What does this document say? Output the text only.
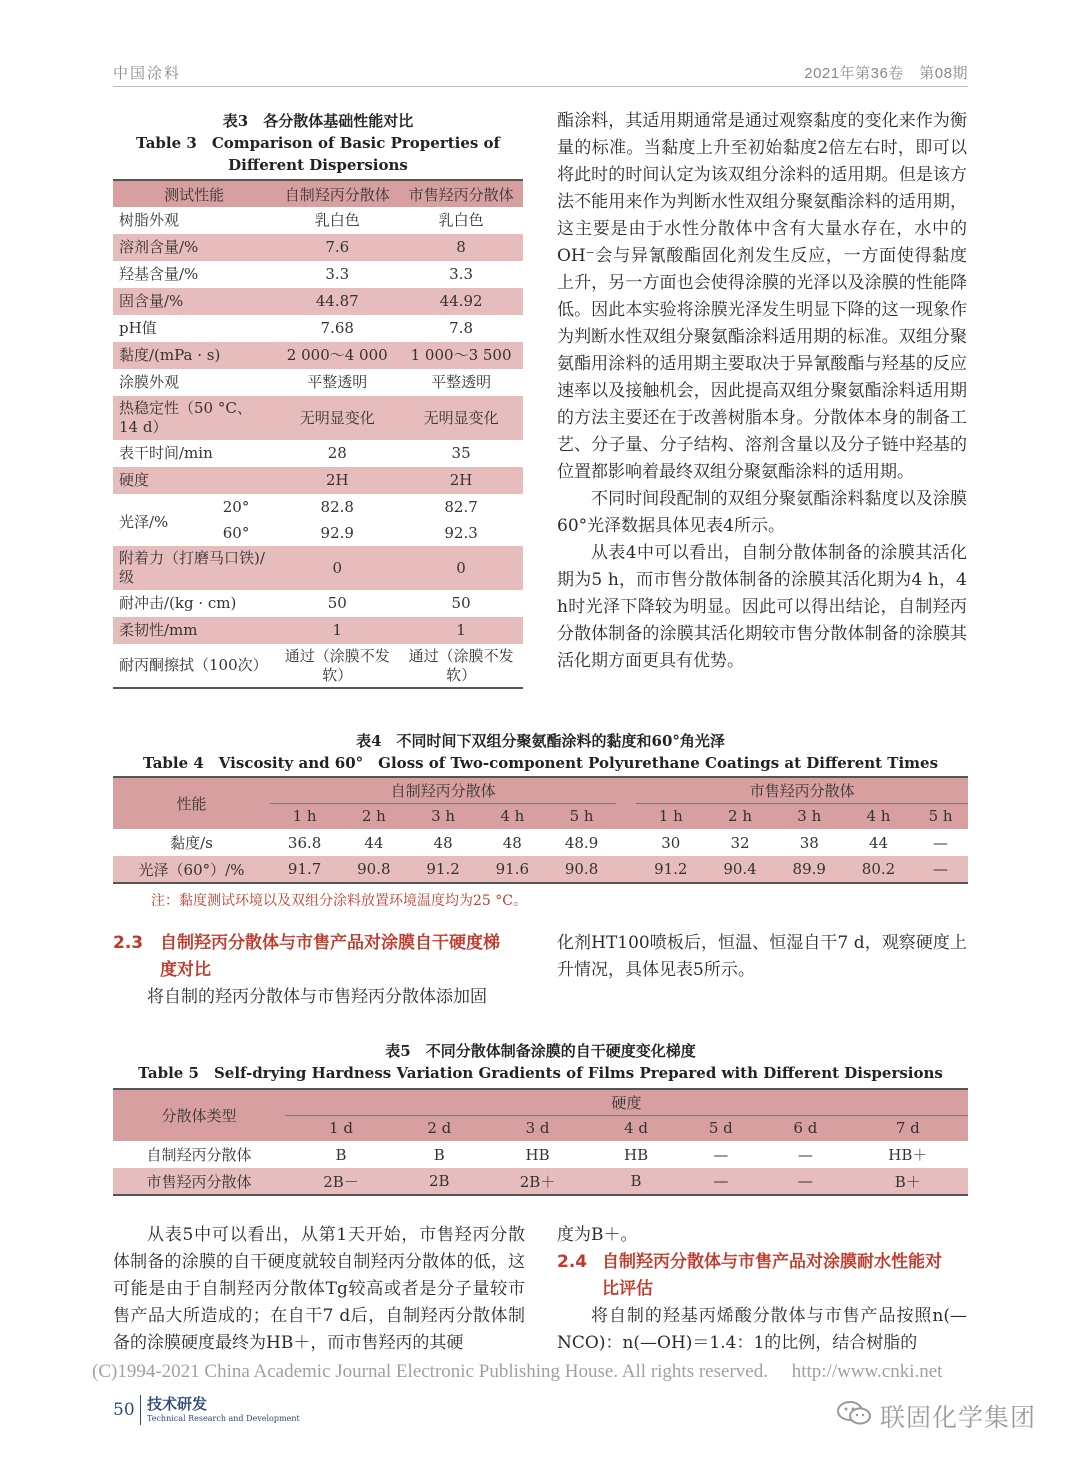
中国涂料	2021年第36卷　第08期
表3　各分散体基础性能对比
Table 3　Comparison of Basic Properties of Different Dispersions
测试性能	自制羟丙分散体	市售羟丙分散体
树脂外观	乳白色	乳白色
溶剂含量/%	7.6	8
羟基含量/%	3.3	3.3
固含量/%	44.87	44.92
pH值	7.68	7.8
黏度/(mPa · s)	2 000～4 000	1 000～3 500
涂膜外观	平整透明	平整透明
热稳定性（50 °C、14 d）	无明显变化	无明显变化
表干时间/min	28	35
硬度	2H	2H

光泽/%
20°	82.8	82.7

60°	92.9	92.3
附着力（打磨马口铁)/级	0	0
耐冲击/(kg · cm)	50	50
柔韧性/mm	1	1
耐丙酮擦拭（100次）	通过（涂膜不发软）	通过（涂膜不发软）
酯涂料，其适用期通常是通过观察黏度的变化来作为衡量的标准。当黏度上升至初始黏度2倍左右时，即可以将此时的时间认定为该双组分涂料的适用期。但是该方法不能用来作为判断水性双组分聚氨酯涂料的适用期，这主要是由于水性分散体中含有大量水存在，水中的OH⁻会与异氰酸酯固化剂发生反应，一方面使得黏度上升，另一方面也会使得涂膜的光泽以及涂膜的性能降低。因此本实验将涂膜光泽发生明显下降的这一现象作为判断水性双组分聚氨酯涂料适用期的标准。双组分聚氨酯用涂料的适用期主要取决于异氰酸酯与羟基的反应速率以及接触机会，因此提高双组分聚氨酯涂料适用期的方法主要还在于改善树脂本身。分散体本身的制备工艺、分子量、分子结构、溶剂含量以及分子链中羟基的位置都影响着最终双组分聚氨酯涂料的适用期。
不同时间段配制的双组分聚氨酯涂料黏度以及涂膜60°光泽数据具体见表4所示。
从表4中可以看出，自制分散体制备的涂膜其活化期为5 h，而市售分散体制备的涂膜其活化期为4 h，4 h时光泽下降较为明显。因此可以得出结论，自制羟丙分散体制备的涂膜其活化期较市售分散体制备的涂膜其活化期方面更具有优势。
表4　不同时间下双组分聚氨酯涂料的黏度和60°角光泽
Table 4　Viscosity and 60°　Gloss of Two-component Polyurethane Coatings at Different Times
性能	自制羟丙分散体						市售羟丙分散体				
	1 h	2 h	3 h	4 h	5 h		1 h	2 h	3 h	4 h	5 h
黏度/s	36.8	44	48	48	48.9		30	32	38	44	—
光泽（60°）/%	91.7	90.8	91.2	91.6	90.8		91.2	90.4	89.9	80.2	—
注：黏度测试环境以及双组分涂料放置环境温度均为25 °C。
2.3 自制羟丙分散体与市售产品对涂膜自干硬度梯
度对比
将自制的羟丙分散体与市售羟丙分散体添加固
化剂HT100喷板后，恒温、恒湿自干7 d，观察硬度上升情况，具体见表5所示。
表5　不同分散体制备涂膜的自干硬度变化梯度
Table 5　Self-drying Hardness Variation Gradients of Films Prepared with Different Dispersions
分散体类型	硬度						
	1 d	2 d	3 d	4 d	5 d	6 d	7 d
自制羟丙分散体	B	B	HB	HB	—	—	HB＋
市售羟丙分散体	2B－	2B	2B＋	B	—	—	B＋
从表5中可以看出，从第1天开始，市售羟丙分散体制备的涂膜的自干硬度就较自制羟丙分散体的低，这可能是由于自制羟丙分散体Tg较高或者是分子量较市售产品大所造成的；在自干7 d后，自制羟丙分散体制备的涂膜硬度最终为HB＋，而市售羟丙的其硬
度为B＋。
2.4 自制羟丙分散体与市售产品对涂膜耐水性能对
比评估
将自制的羟基丙烯酸分散体与市售产品按照n(—NCO)：n(—OH)＝1.4：1的比例，结合树脂的
(C)1994-2021 China Academic Journal Electronic Publishing House. All rights reserved.　 http://www.cnki.net
50 技术研发
Technical Research and Development	联固化学集团
